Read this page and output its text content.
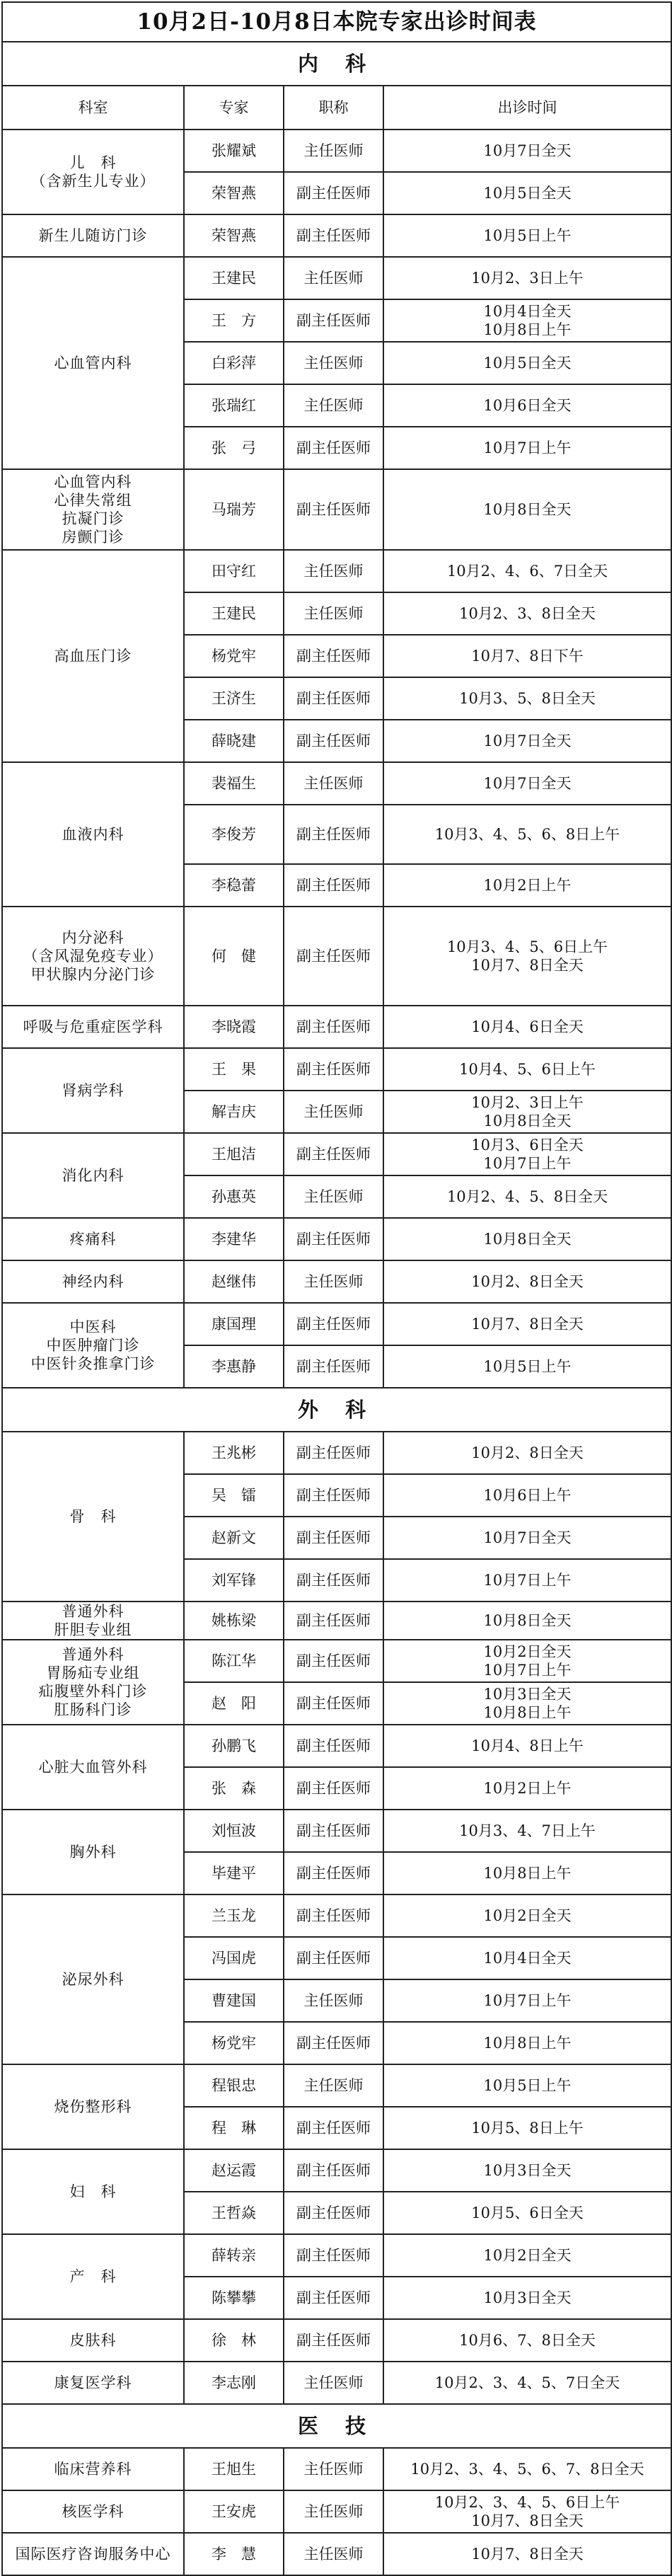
10月2日-10月8日本院专家出诊时间表			
内 科			
科室	专家	职称	出诊时间

儿　科
（含新生儿专业）	张耀斌	主任医师	10月7日全天

	荣智燕	副主任医师	10月5日全天

新生儿随访门诊	荣智燕	副主任医师	10月5日上午

心血管内科	王建民	主任医师	10月2、3日上午

	王　方	副主任医师	10月4日全天
10月8日上午

	白彩萍	主任医师	10月5日全天

	张瑞红	主任医师	10月6日全天

	张　弓	副主任医师	10月7日上午

心血管内科
心律失常组
抗凝门诊
房颤门诊	马瑞芳	副主任医师	10月8日全天

高血压门诊	田守红	主任医师	10月2、4、6、7日全天

	王建民	主任医师	10月2、3、8日全天

	杨党牢	副主任医师	10月7、8日下午

	王济生	副主任医师	10月3、5、8日全天

	薛晓建	副主任医师	10月7日全天

血液内科	裴福生	主任医师	10月7日全天

	李俊芳	副主任医师	10月3、4、5、6、8日上午

	李稳蕾	副主任医师	10月2日上午

内分泌科
（含风湿免疫专业）
甲状腺内分泌门诊	何　健	副主任医师	10月3、4、5、6日上午
10月7、8日全天

呼吸与危重症医学科	李晓霞	副主任医师	10月4、6日全天

肾病学科	王　果	副主任医师	10月4、5、6日上午

	解吉庆	主任医师	10月2、3日上午
10月8日全天

消化内科	王旭洁	副主任医师	10月3、6日全天
10月7日上午

	孙惠英	主任医师	10月2、4、5、8日全天

疼痛科	李建华	副主任医师	10月8日全天

神经内科	赵继伟	主任医师	10月2、8日全天

中医科
中医肿瘤门诊
中医针灸推拿门诊	康国理	副主任医师	10月7、8日全天

	李惠静	副主任医师	10月5日上午

外 科			

骨　科	王兆彬	副主任医师	10月2、8日全天

	吴　镭	副主任医师	10月6日上午

	赵新文	副主任医师	10月7日全天

	刘军锋	副主任医师	10月7日上午

普通外科
肝胆专业组	姚栋梁	副主任医师	10月8日全天

普通外科
胃肠疝专业组
疝腹壁外科门诊
肛肠科门诊	陈江华	副主任医师	10月2日全天
10月7日上午

	赵　阳	副主任医师	10月3日全天
10月8日上午

心脏大血管外科	孙鹏飞	副主任医师	10月4、8日上午

	张　森	副主任医师	10月2日上午

胸外科	刘恒波	副主任医师	10月3、4、7日上午

	毕建平	副主任医师	10月8日上午

泌尿外科	兰玉龙	副主任医师	10月2日全天

	冯国虎	副主任医师	10月4日全天

	曹建国	主任医师	10月7日上午

	杨党牢	副主任医师	10月8日上午

烧伤整形科	程银忠	主任医师	10月5日上午

	程　琳	副主任医师	10月5、8日上午

妇　科	赵运霞	副主任医师	10月3日全天

	王哲焱	副主任医师	10月5、6日全天

产　科	薛转亲	副主任医师	10月2日全天

	陈攀攀	副主任医师	10月3日全天

皮肤科	徐　林	副主任医师	10月6、7、8日全天

康复医学科	李志刚	主任医师	10月2、3、4、5、7日全天

医 技			

临床营养科	王旭生	主任医师	10月2、3、4、5、6、7、8日全天

核医学科	王安虎	主任医师	10月2、3、4、5、6日上午
10月7、8日全天

国际医疗咨询服务中心	李　慧	主任医师	10月7、8日全天
